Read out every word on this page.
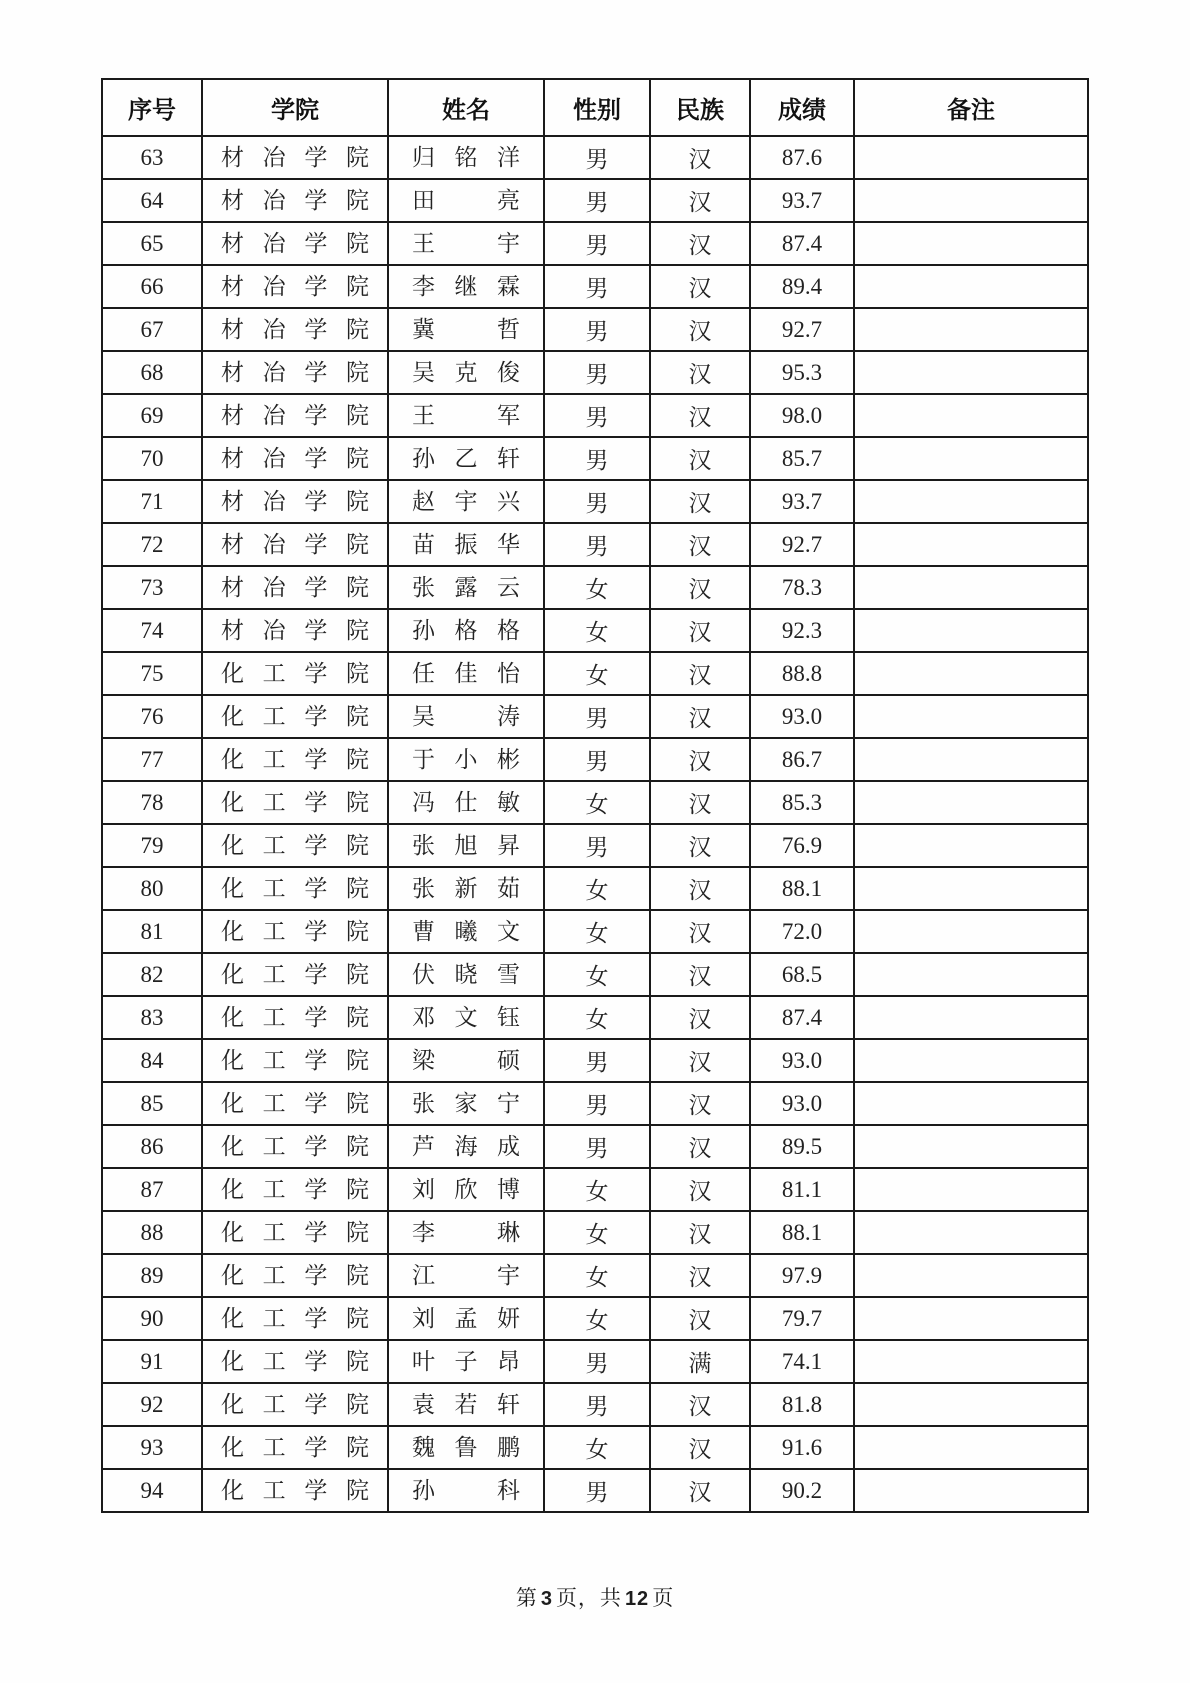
序号	学院	姓名	性别	民族	成绩	备注
63	材 冶 学 院	归 铭 洋	男	汉	87.6	
64	材 冶 学 院	田 亮	男	汉	93.7	
65	材 冶 学 院	王 宇	男	汉	87.4	
66	材 冶 学 院	李 继 霖	男	汉	89.4	
67	材 冶 学 院	冀 哲	男	汉	92.7	
68	材 冶 学 院	吴 克 俊	男	汉	95.3	
69	材 冶 学 院	王 军	男	汉	98.0	
70	材 冶 学 院	孙 乙 轩	男	汉	85.7	
71	材 冶 学 院	赵 宇 兴	男	汉	93.7	
72	材 冶 学 院	苗 振 华	男	汉	92.7	
73	材 冶 学 院	张 露 云	女	汉	78.3	
74	材 冶 学 院	孙 格 格	女	汉	92.3	
75	化 工 学 院	任 佳 怡	女	汉	88.8	
76	化 工 学 院	吴 涛	男	汉	93.0	
77	化 工 学 院	于 小 彬	男	汉	86.7	
78	化 工 学 院	冯 仕 敏	女	汉	85.3	
79	化 工 学 院	张 旭 昇	男	汉	76.9	
80	化 工 学 院	张 新 茹	女	汉	88.1	
81	化 工 学 院	曹 曦 文	女	汉	72.0	
82	化 工 学 院	伏 晓 雪	女	汉	68.5	
83	化 工 学 院	邓 文 钰	女	汉	87.4	
84	化 工 学 院	梁 硕	男	汉	93.0	
85	化 工 学 院	张 家 宁	男	汉	93.0	
86	化 工 学 院	芦 海 成	男	汉	89.5	
87	化 工 学 院	刘 欣 博	女	汉	81.1	
88	化 工 学 院	李 琳	女	汉	88.1	
89	化 工 学 院	江 宇	女	汉	97.9	
90	化 工 学 院	刘 孟 妍	女	汉	79.7	
91	化 工 学 院	叶 子 昂	男	满	74.1	
92	化 工 学 院	袁 若 轩	男	汉	81.8	
93	化 工 学 院	魏 鲁 鹏	女	汉	91.6	
94	化 工 学 院	孙 科	男	汉	90.2	
第 3 页，共 12 页
